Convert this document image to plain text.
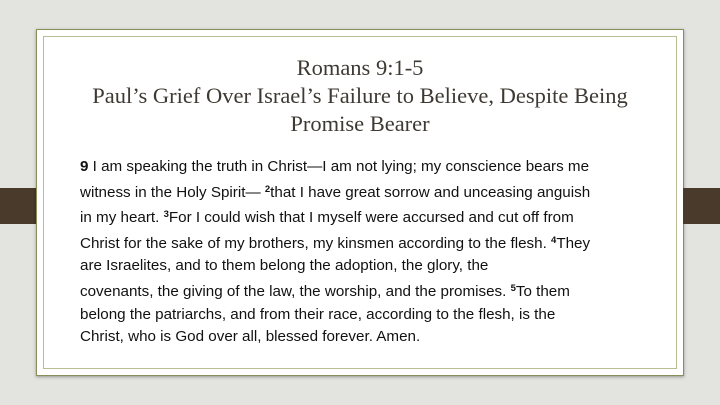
Romans 9:1-5
Paul’s Grief Over Israel’s Failure to Believe, Despite Being
Promise Bearer
9 I am speaking the truth in Christ—I am not lying; my conscience bears me
witness in the Holy Spirit— $^2$that I have great sorrow and unceasing anguish
in my heart. $^3$For I could wish that I myself were accursed and cut off from
Christ for the sake of my brothers, my kinsmen according to the flesh. $^4$They
are Israelites, and to them belong the adoption, the glory, the
covenants, the giving of the law, the worship, and the promises. $^5$To them
belong the patriarchs, and from their race, according to the flesh, is the
Christ, who is God over all, blessed forever. Amen.
